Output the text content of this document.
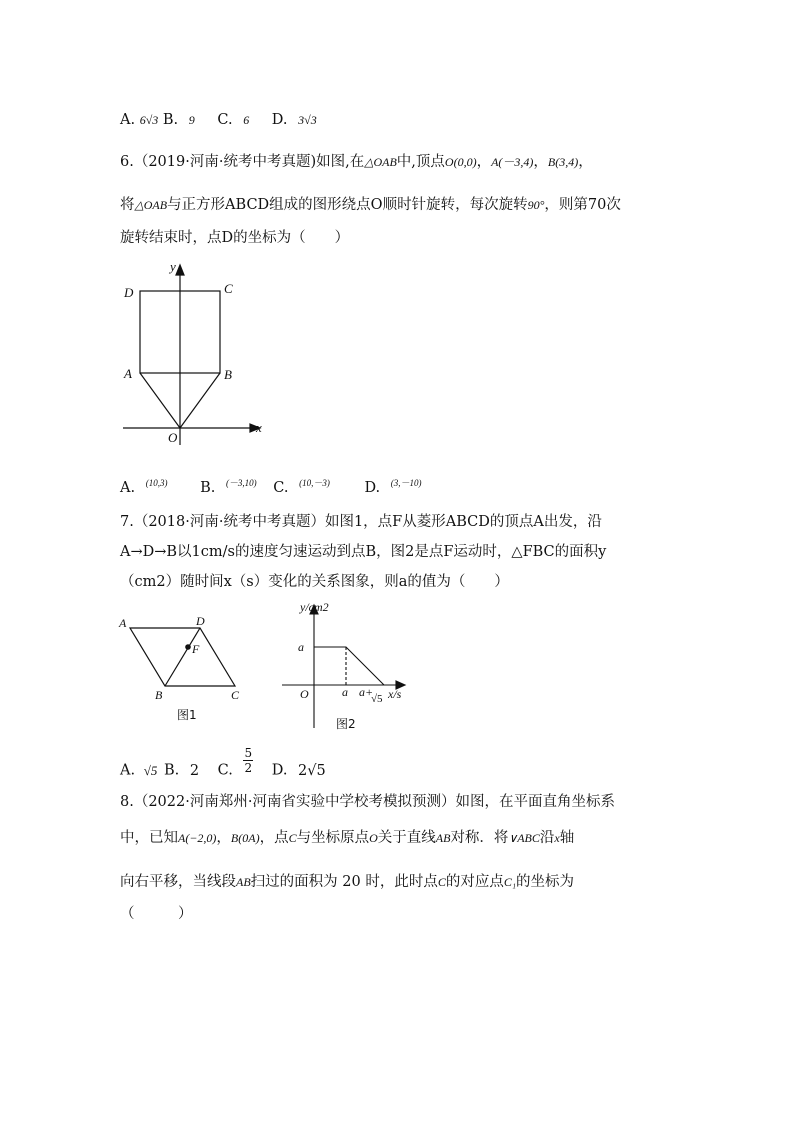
A. 6√3 B. 9 C. 6 D. 3√3
6.（2019·河南·统考中考真题)如图,在△OAB中,顶点O(0,0)，A(－3,4)，B(3,4)，
将△OAB与正方形ABCD组成的图形绕点O顺时针旋转，每次旋转90°，则第70次
旋转结束时，点D的坐标为（　　）
D	C
A	B
O
x
y
A. $^{(10,3)}$ B. $^{(-3,10)}$ C. $^{(10,-3)}$ D. $^{(3,-10)}$
7.（2018·河南·统考中考真题）如图1，点F从菱形ABCD的顶点A出发，沿
A→D→B以1cm/s的速度匀速运动到点B，图2是点F运动时，△FBC的面积y
（cm2）随时间x（s）变化的关系图象，则a的值为（　　）
A	D
F
B	C
图1
y/cm2
a
O	a a+
√5 x/s
图2
A. √5 B. 2 C. $\frac{5}{2} D$. 2√5
8.（2022·河南郑州·河南省实验中学校考模拟预测）如图，在平面直角坐标系
中，已知A(−2,0)，B(0A)，点C与坐标原点O关于直线AB对称．将∨ABC沿x轴
向右平移，当线段AB扫过的面积为 20 时，此时点C的对应点C₁的坐标为
（　　　）
